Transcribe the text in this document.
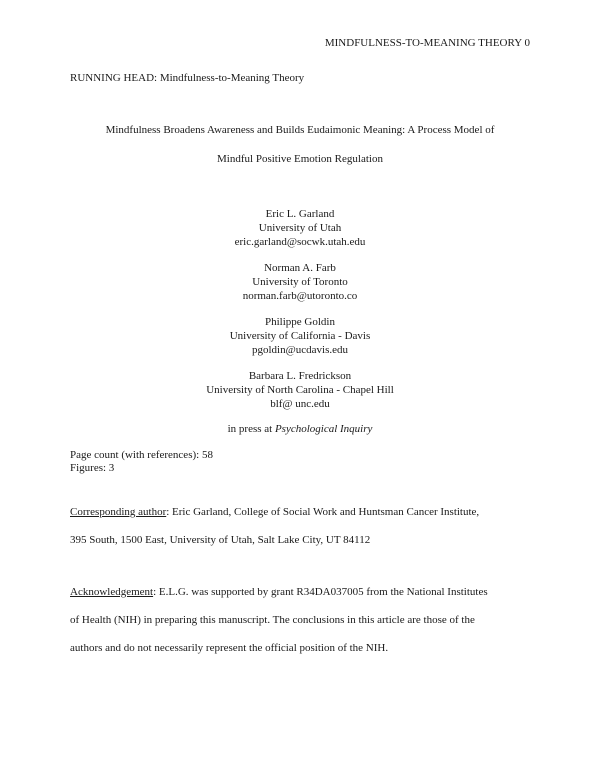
MINDFULNESS-TO-MEANING THEORY 0
RUNNING HEAD: Mindfulness-to-Meaning Theory
Mindfulness Broadens Awareness and Builds Eudaimonic Meaning: A Process Model of
Mindful Positive Emotion Regulation
Eric L. Garland
University of Utah
eric.garland@socwk.utah.edu
Norman A. Farb
University of Toronto
norman.farb@utoronto.co
Philippe Goldin
University of California - Davis
pgoldin@ucdavis.edu
Barbara L. Fredrickson
University of North Carolina - Chapel Hill
blf@ unc.edu
in press at Psychological Inquiry
Page count (with references): 58
Figures: 3
Corresponding author: Eric Garland, College of Social Work and Huntsman Cancer Institute,
395 South, 1500 East, University of Utah, Salt Lake City, UT 84112
Acknowledgement: E.L.G. was supported by grant R34DA037005 from the National Institutes
of Health (NIH) in preparing this manuscript. The conclusions in this article are those of the
authors and do not necessarily represent the official position of the NIH.
